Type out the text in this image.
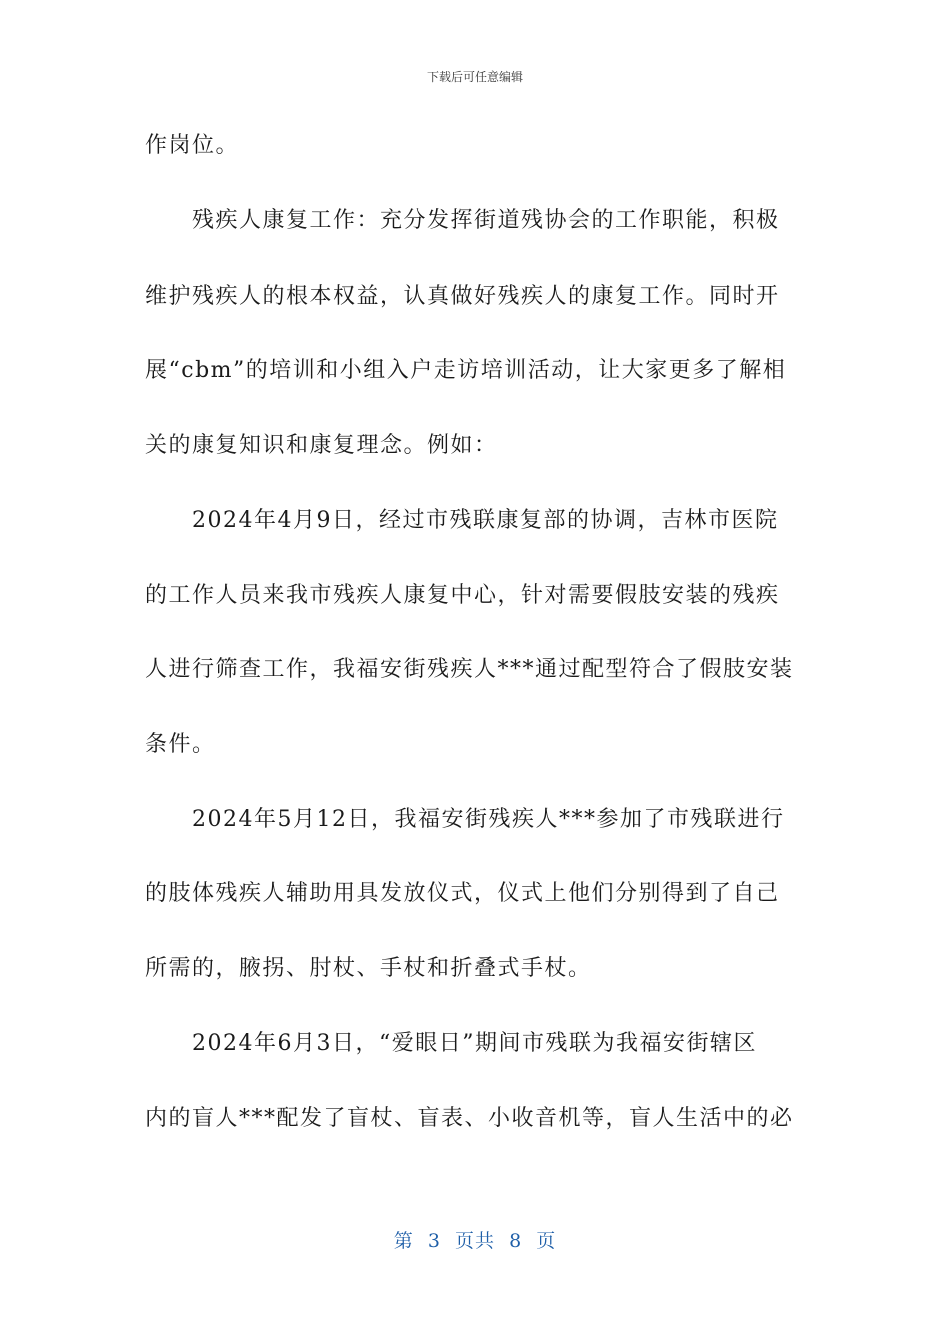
下载后可任意编辑
作岗位。
残疾人康复工作：充分发挥街道残协会的工作职能，积极
维护残疾人的根本权益，认真做好残疾人的康复工作。同时开
展“cbm”的培训和小组入户走访培训活动，让大家更多了解相
关的康复知识和康复理念。例如：
2024年4月9日，经过市残联康复部的协调，吉林市医院
的工作人员来我市残疾人康复中心，针对需要假肢安装的残疾
人进行筛查工作，我福安街残疾人***通过配型符合了假肢安装
条件。
2024年5月12日，我福安街残疾人***参加了市残联进行
的肢体残疾人辅助用具发放仪式，仪式上他们分别得到了自己
所需的，腋拐、肘杖、手杖和折叠式手杖。
2024年6月3日，“爱眼日”期间市残联为我福安街辖区
内的盲人***配发了盲杖、盲表、小收音机等，盲人生活中的必
第  3  页共  8  页
